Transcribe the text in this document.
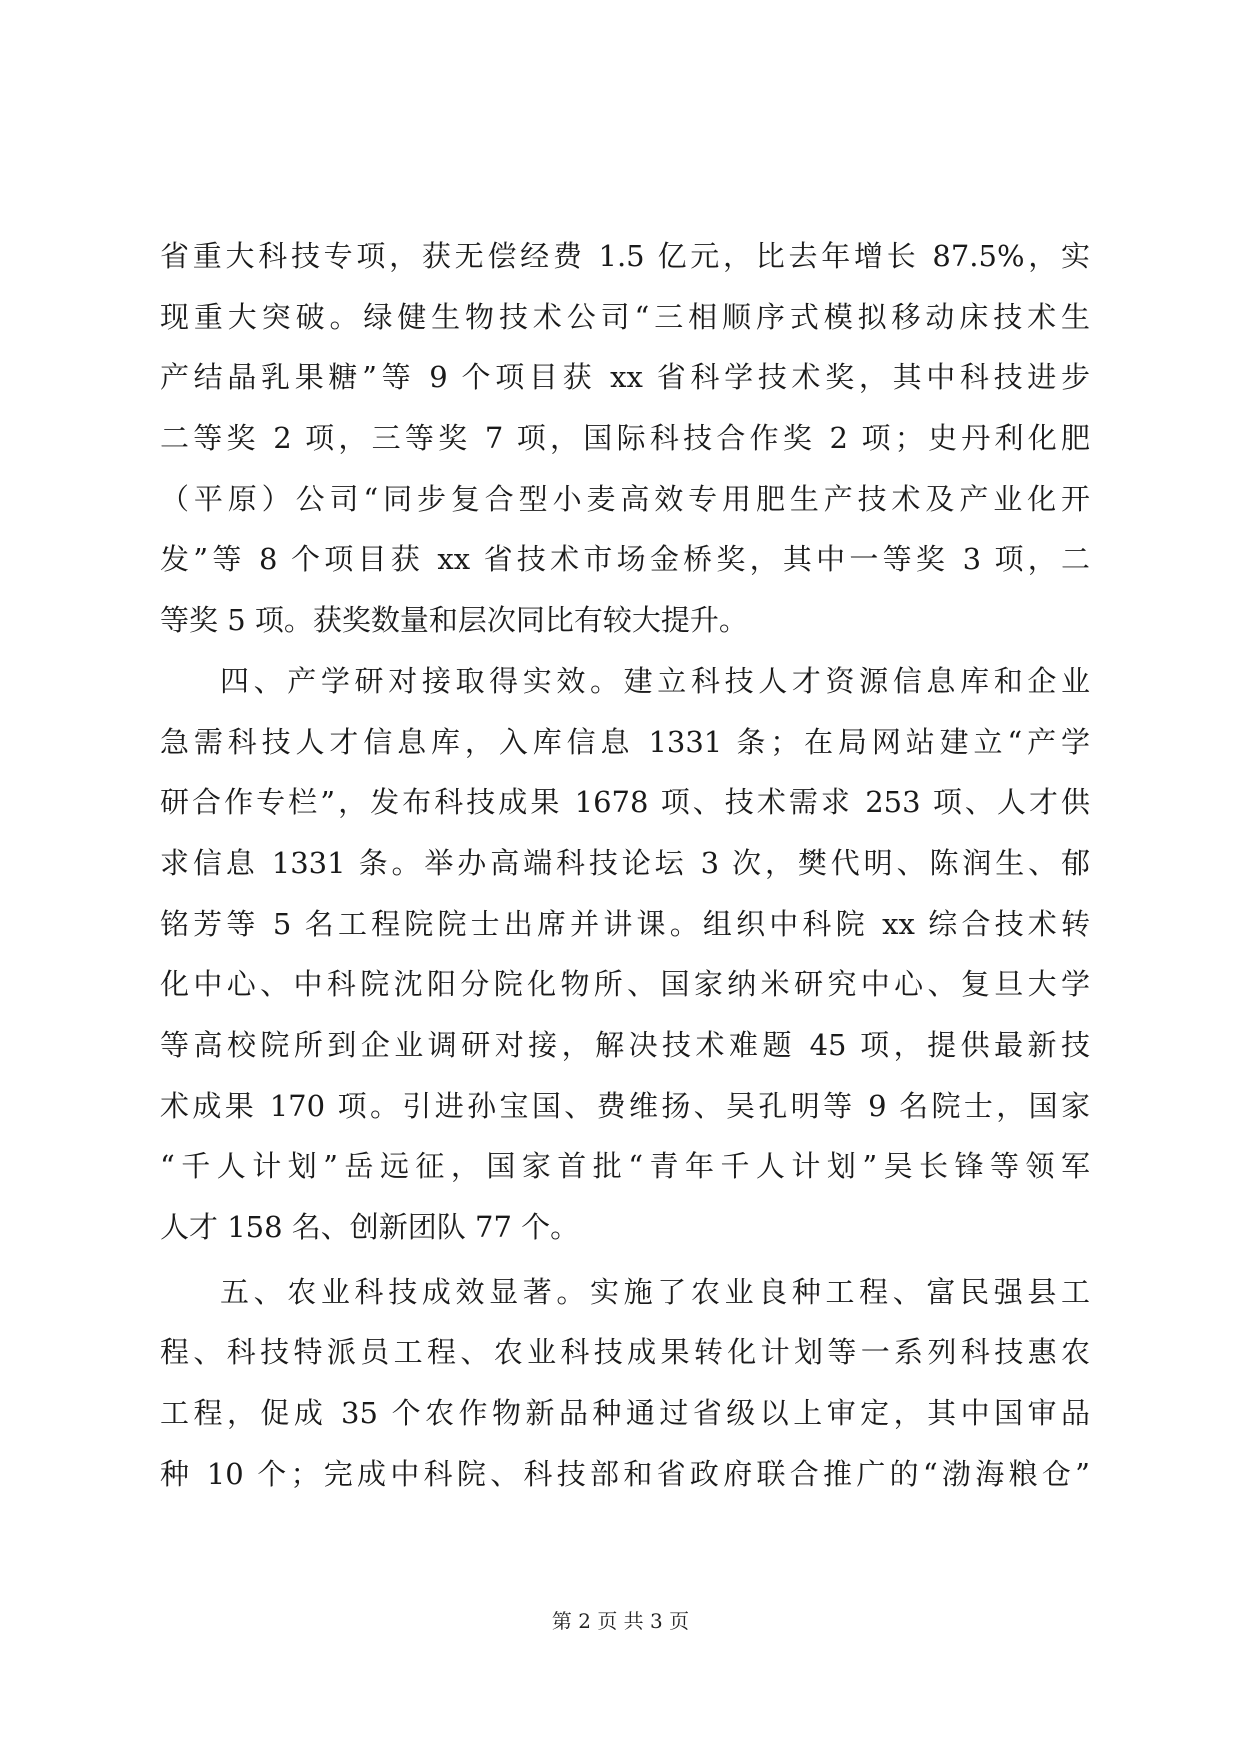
省重大科技专项，获无偿经费 1.5 亿元，比去年增长 87.5%，实
现重大突破。绿健生物技术公司“三相顺序式模拟移动床技术生
产结晶乳果糖”等 9 个项目获 xx 省科学技术奖，其中科技进步
二等奖 2 项，三等奖 7 项，国际科技合作奖 2 项；史丹利化肥
（平原）公司“同步复合型小麦高效专用肥生产技术及产业化开
发”等 8 个项目获 xx 省技术市场金桥奖，其中一等奖 3 项，二
等奖 5 项。获奖数量和层次同比有较大提升。
四、产学研对接取得实效。建立科技人才资源信息库和企业
急需科技人才信息库，入库信息 1331 条；在局网站建立“产学
研合作专栏”，发布科技成果 1678 项、技术需求 253 项、人才供
求信息 1331 条。举办高端科技论坛 3 次，樊代明、陈润生、郁
铭芳等 5 名工程院院士出席并讲课。组织中科院 xx 综合技术转
化中心、中科院沈阳分院化物所、国家纳米研究中心、复旦大学
等高校院所到企业调研对接，解决技术难题 45 项，提供最新技
术成果 170 项。引进孙宝国、费维扬、吴孔明等 9 名院士，国家
“千人计划”岳远征，国家首批“青年千人计划”吴长锋等领军
人才 158 名、创新团队 77 个。
五、农业科技成效显著。实施了农业良种工程、富民强县工
程、科技特派员工程、农业科技成果转化计划等一系列科技惠农
工程，促成 35 个农作物新品种通过省级以上审定，其中国审品
种 10 个；完成中科院、科技部和省政府联合推广的“渤海粮仓”
第 2 页 共 3 页
